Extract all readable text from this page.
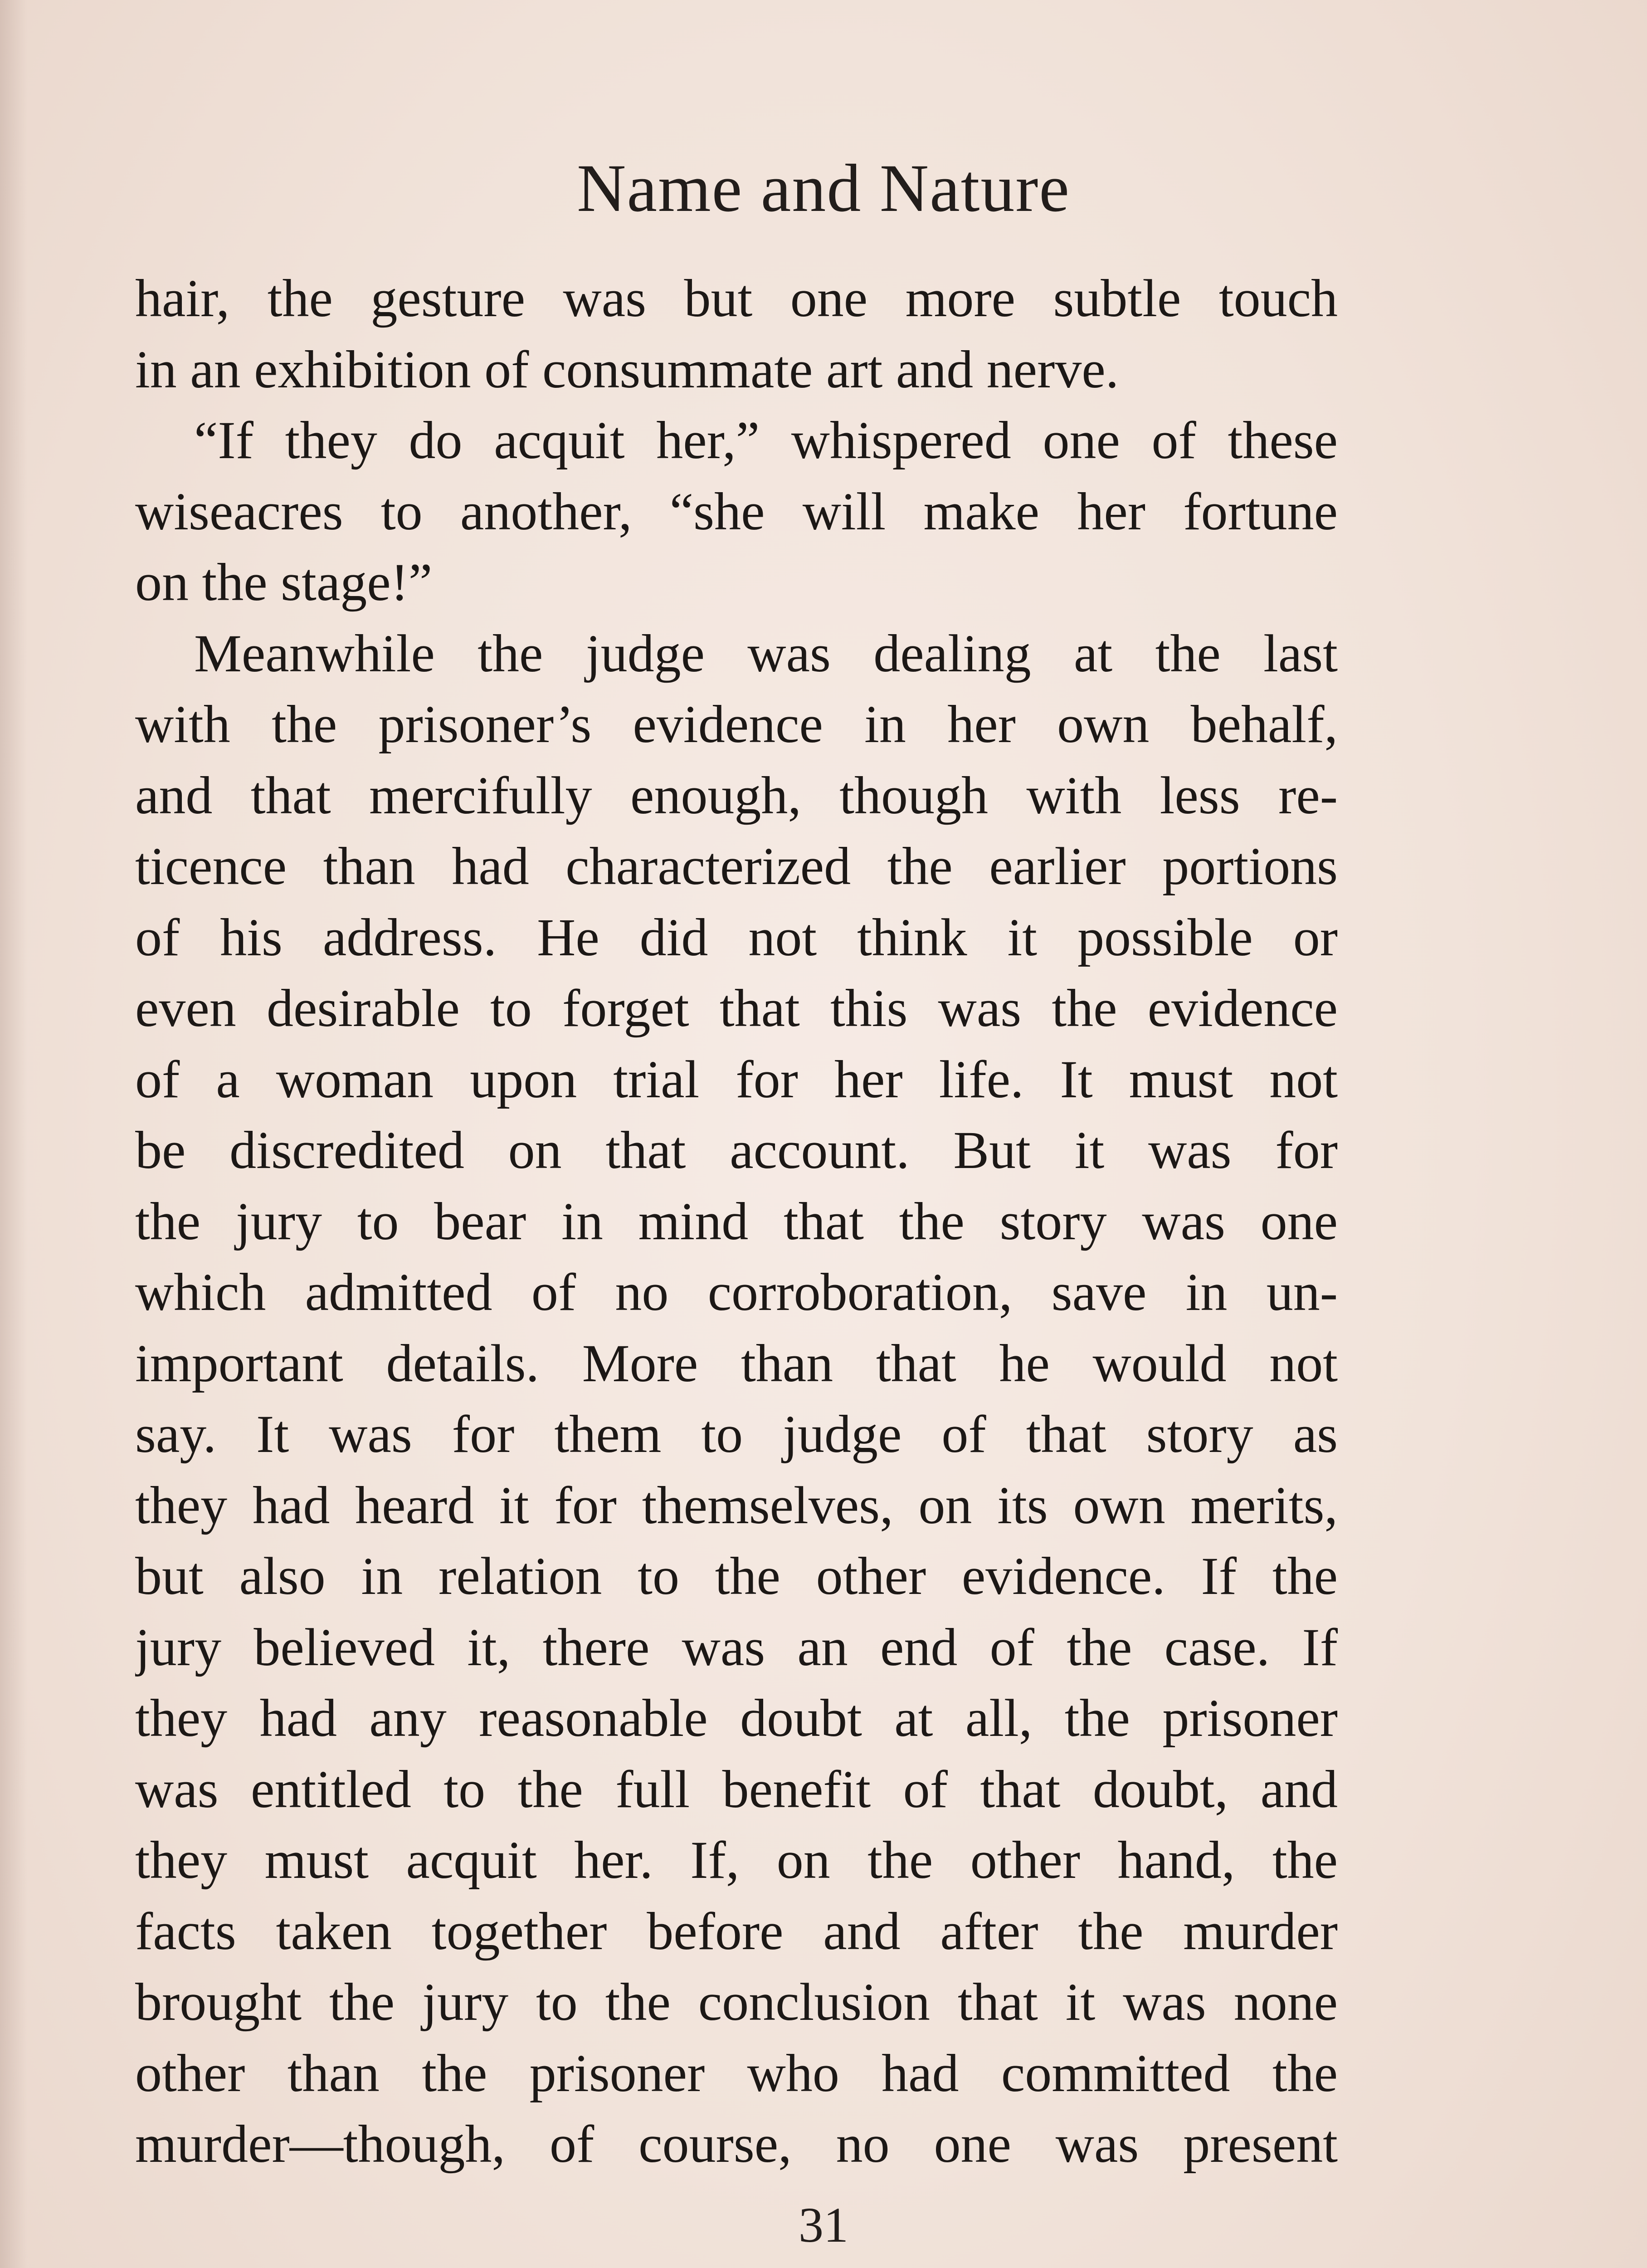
Name and Nature
hair, the gesture was but one more subtle touch
in an exhibition of consummate art and nerve.
“If they do acquit her,” whispered one of these
wiseacres to another, “she will make her fortune
on the stage!”
Meanwhile the judge was dealing at the last
with the prisoner’s evidence in her own behalf,
and that mercifully enough, though with less re-
ticence than had characterized the earlier portions
of his address. He did not think it possible or
even desirable to forget that this was the evidence
of a woman upon trial for her life. It must not
be discredited on that account. But it was for
the jury to bear in mind that the story was one
which admitted of no corroboration, save in un-
important details. More than that he would not
say. It was for them to judge of that story as
they had heard it for themselves, on its own merits,
but also in relation to the other evidence. If the
jury believed it, there was an end of the case. If
they had any reasonable doubt at all, the prisoner
was entitled to the full benefit of that doubt, and
they must acquit her. If, on the other hand, the
facts taken together before and after the murder
brought the jury to the conclusion that it was none
other than the prisoner who had committed the
murder—though, of course, no one was present
31
